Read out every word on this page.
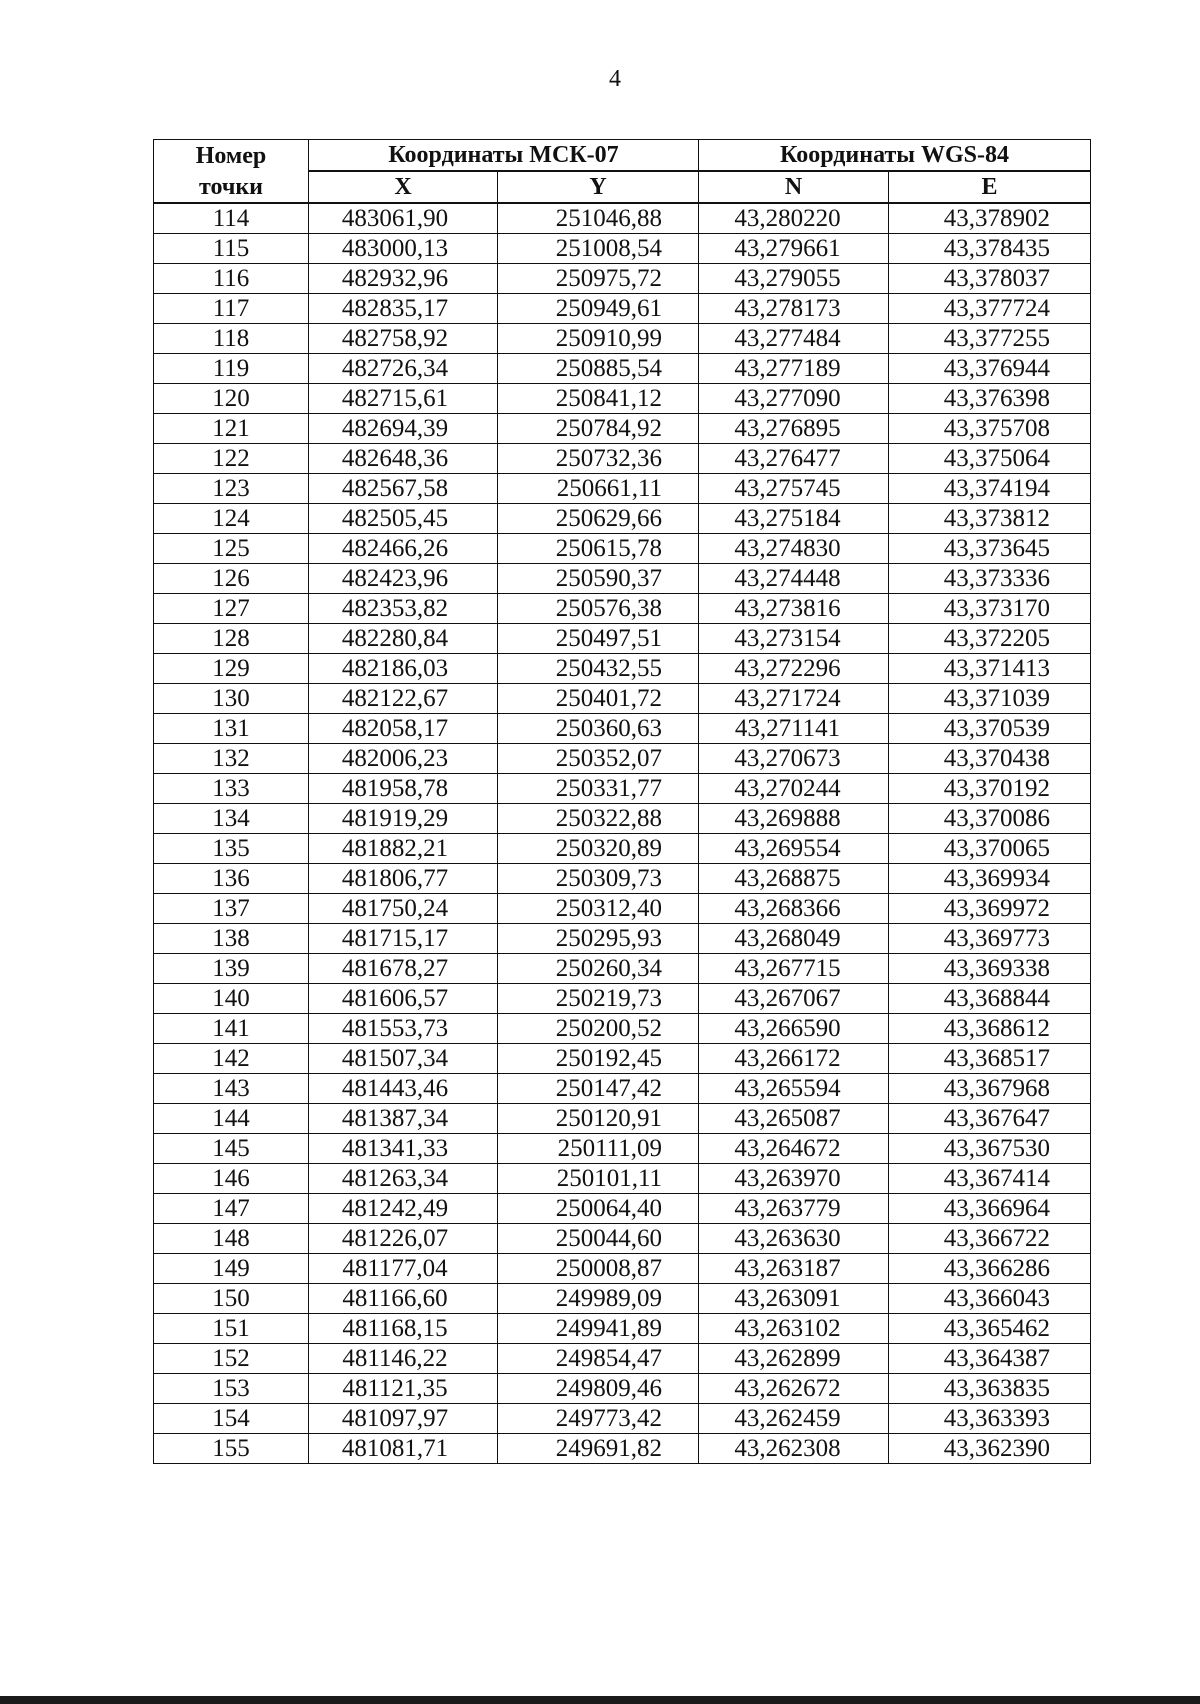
4
Номер	Координаты МСК-07		Координаты WGS-84	
точки	X	Y	N	E
114	483061,90	251046,88	43,280220	43,378902
115	483000,13	251008,54	43,279661	43,378435
116	482932,96	250975,72	43,279055	43,378037
117	482835,17	250949,61	43,278173	43,377724
118	482758,92	250910,99	43,277484	43,377255
119	482726,34	250885,54	43,277189	43,376944
120	482715,61	250841,12	43,277090	43,376398
121	482694,39	250784,92	43,276895	43,375708
122	482648,36	250732,36	43,276477	43,375064
123	482567,58	250661,11	43,275745	43,374194
124	482505,45	250629,66	43,275184	43,373812
125	482466,26	250615,78	43,274830	43,373645
126	482423,96	250590,37	43,274448	43,373336
127	482353,82	250576,38	43,273816	43,373170
128	482280,84	250497,51	43,273154	43,372205
129	482186,03	250432,55	43,272296	43,371413
130	482122,67	250401,72	43,271724	43,371039
131	482058,17	250360,63	43,271141	43,370539
132	482006,23	250352,07	43,270673	43,370438
133	481958,78	250331,77	43,270244	43,370192
134	481919,29	250322,88	43,269888	43,370086
135	481882,21	250320,89	43,269554	43,370065
136	481806,77	250309,73	43,268875	43,369934
137	481750,24	250312,40	43,268366	43,369972
138	481715,17	250295,93	43,268049	43,369773
139	481678,27	250260,34	43,267715	43,369338
140	481606,57	250219,73	43,267067	43,368844
141	481553,73	250200,52	43,266590	43,368612
142	481507,34	250192,45	43,266172	43,368517
143	481443,46	250147,42	43,265594	43,367968
144	481387,34	250120,91	43,265087	43,367647
145	481341,33	250111,09	43,264672	43,367530
146	481263,34	250101,11	43,263970	43,367414
147	481242,49	250064,40	43,263779	43,366964
148	481226,07	250044,60	43,263630	43,366722
149	481177,04	250008,87	43,263187	43,366286
150	481166,60	249989,09	43,263091	43,366043
151	481168,15	249941,89	43,263102	43,365462
152	481146,22	249854,47	43,262899	43,364387
153	481121,35	249809,46	43,262672	43,363835
154	481097,97	249773,42	43,262459	43,363393
155	481081,71	249691,82	43,262308	43,362390
